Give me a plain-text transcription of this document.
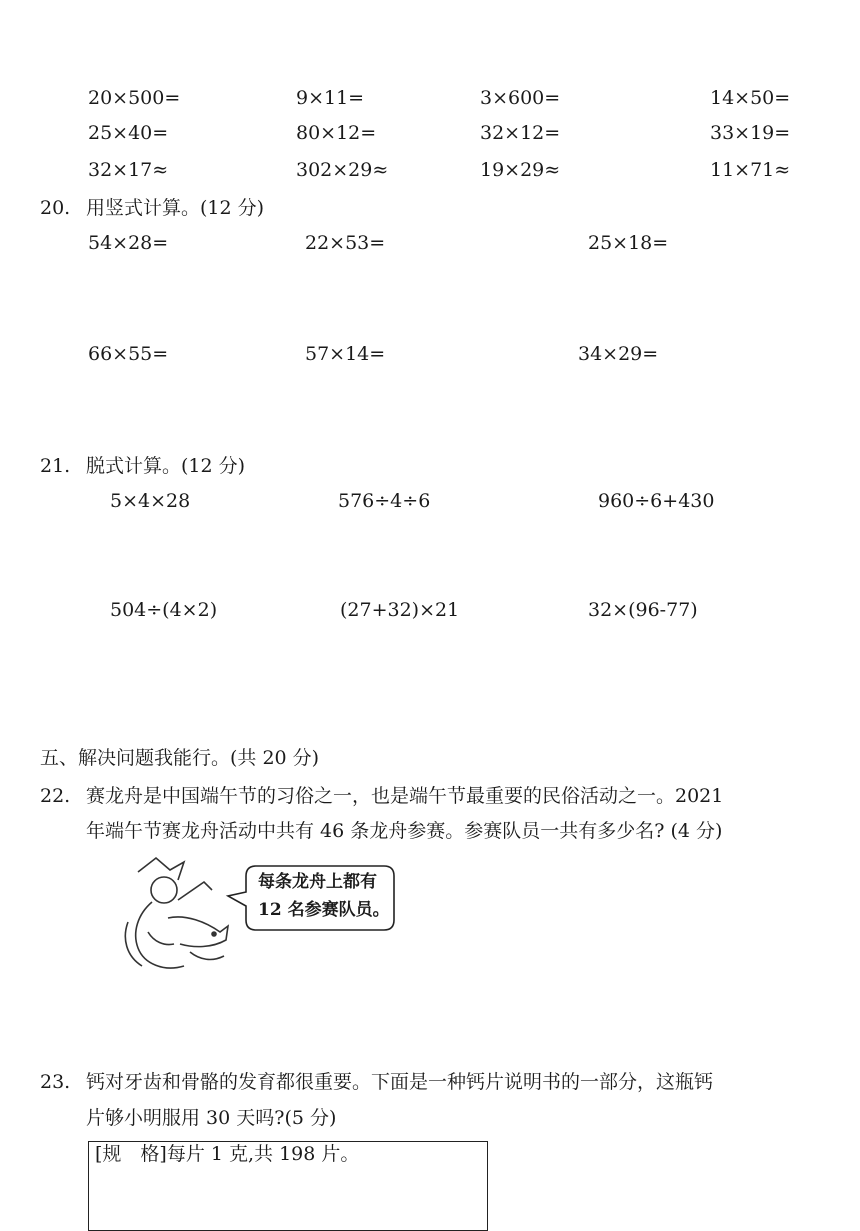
20×500=	9×11=	3×600=	14×50=
25×40=	80×12=	32×12=	33×19=
32×17≈	302×29≈	19×29≈	11×71≈
20. 用竖式计算。(12 分)
54×28=	22×53=	25×18=
66×55=	57×14=	34×29=
21. 脱式计算。(12 分)
5×4×28	576÷4÷6	960÷6+430
504÷(4×2)	(27+32)×21	32×(96-77)
五、解决问题我能行。(共 20 分)
22. 赛龙舟是中国端午节的习俗之一，也是端午节最重要的民俗活动之一。2021
年端午节赛龙舟活动中共有 46 条龙舟参赛。参赛队员一共有多少名? (4 分)
每条龙舟上都有
12 名参赛队员。
23. 钙对牙齿和骨骼的发育都很重要。下面是一种钙片说明书的一部分，这瓶钙
片够小明服用 30 天吗?(5 分)
[规　格]每片 1 克,共 198 片。
